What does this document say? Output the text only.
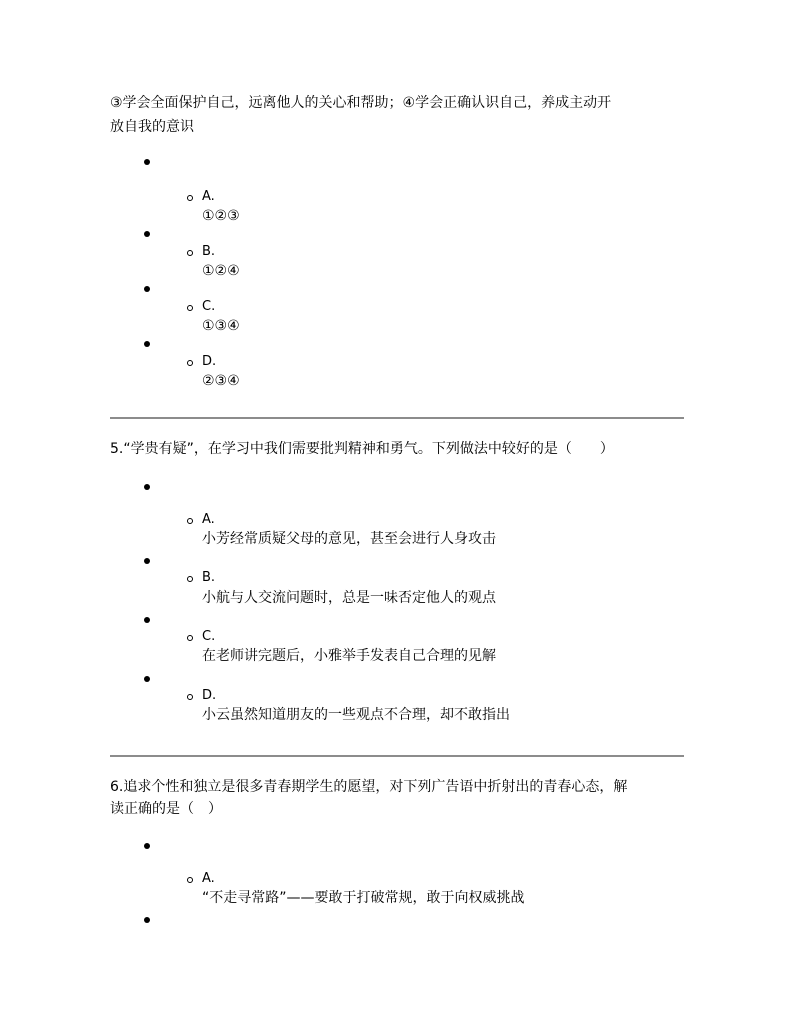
③学会全面保护自己，远离他人的关心和帮助；④学会正确认识自己，养成主动开
放自我的意识
A.
①②③
B.
①②④
C.
①③④
D.
②③④
5.“学贵有疑”，在学习中我们需要批判精神和勇气。下列做法中较好的是（　　）
A.
小芳经常质疑父母的意见，甚至会进行人身攻击
B.
小航与人交流问题时，总是一味否定他人的观点
C.
在老师讲完题后，小雅举手发表自己合理的见解
D.
小云虽然知道朋友的一些观点不合理，却不敢指出
6.追求个性和独立是很多青春期学生的愿望，对下列广告语中折射出的青春心态，解
读正确的是（　）
A.
“不走寻常路”——要敢于打破常规，敢于向权威挑战
